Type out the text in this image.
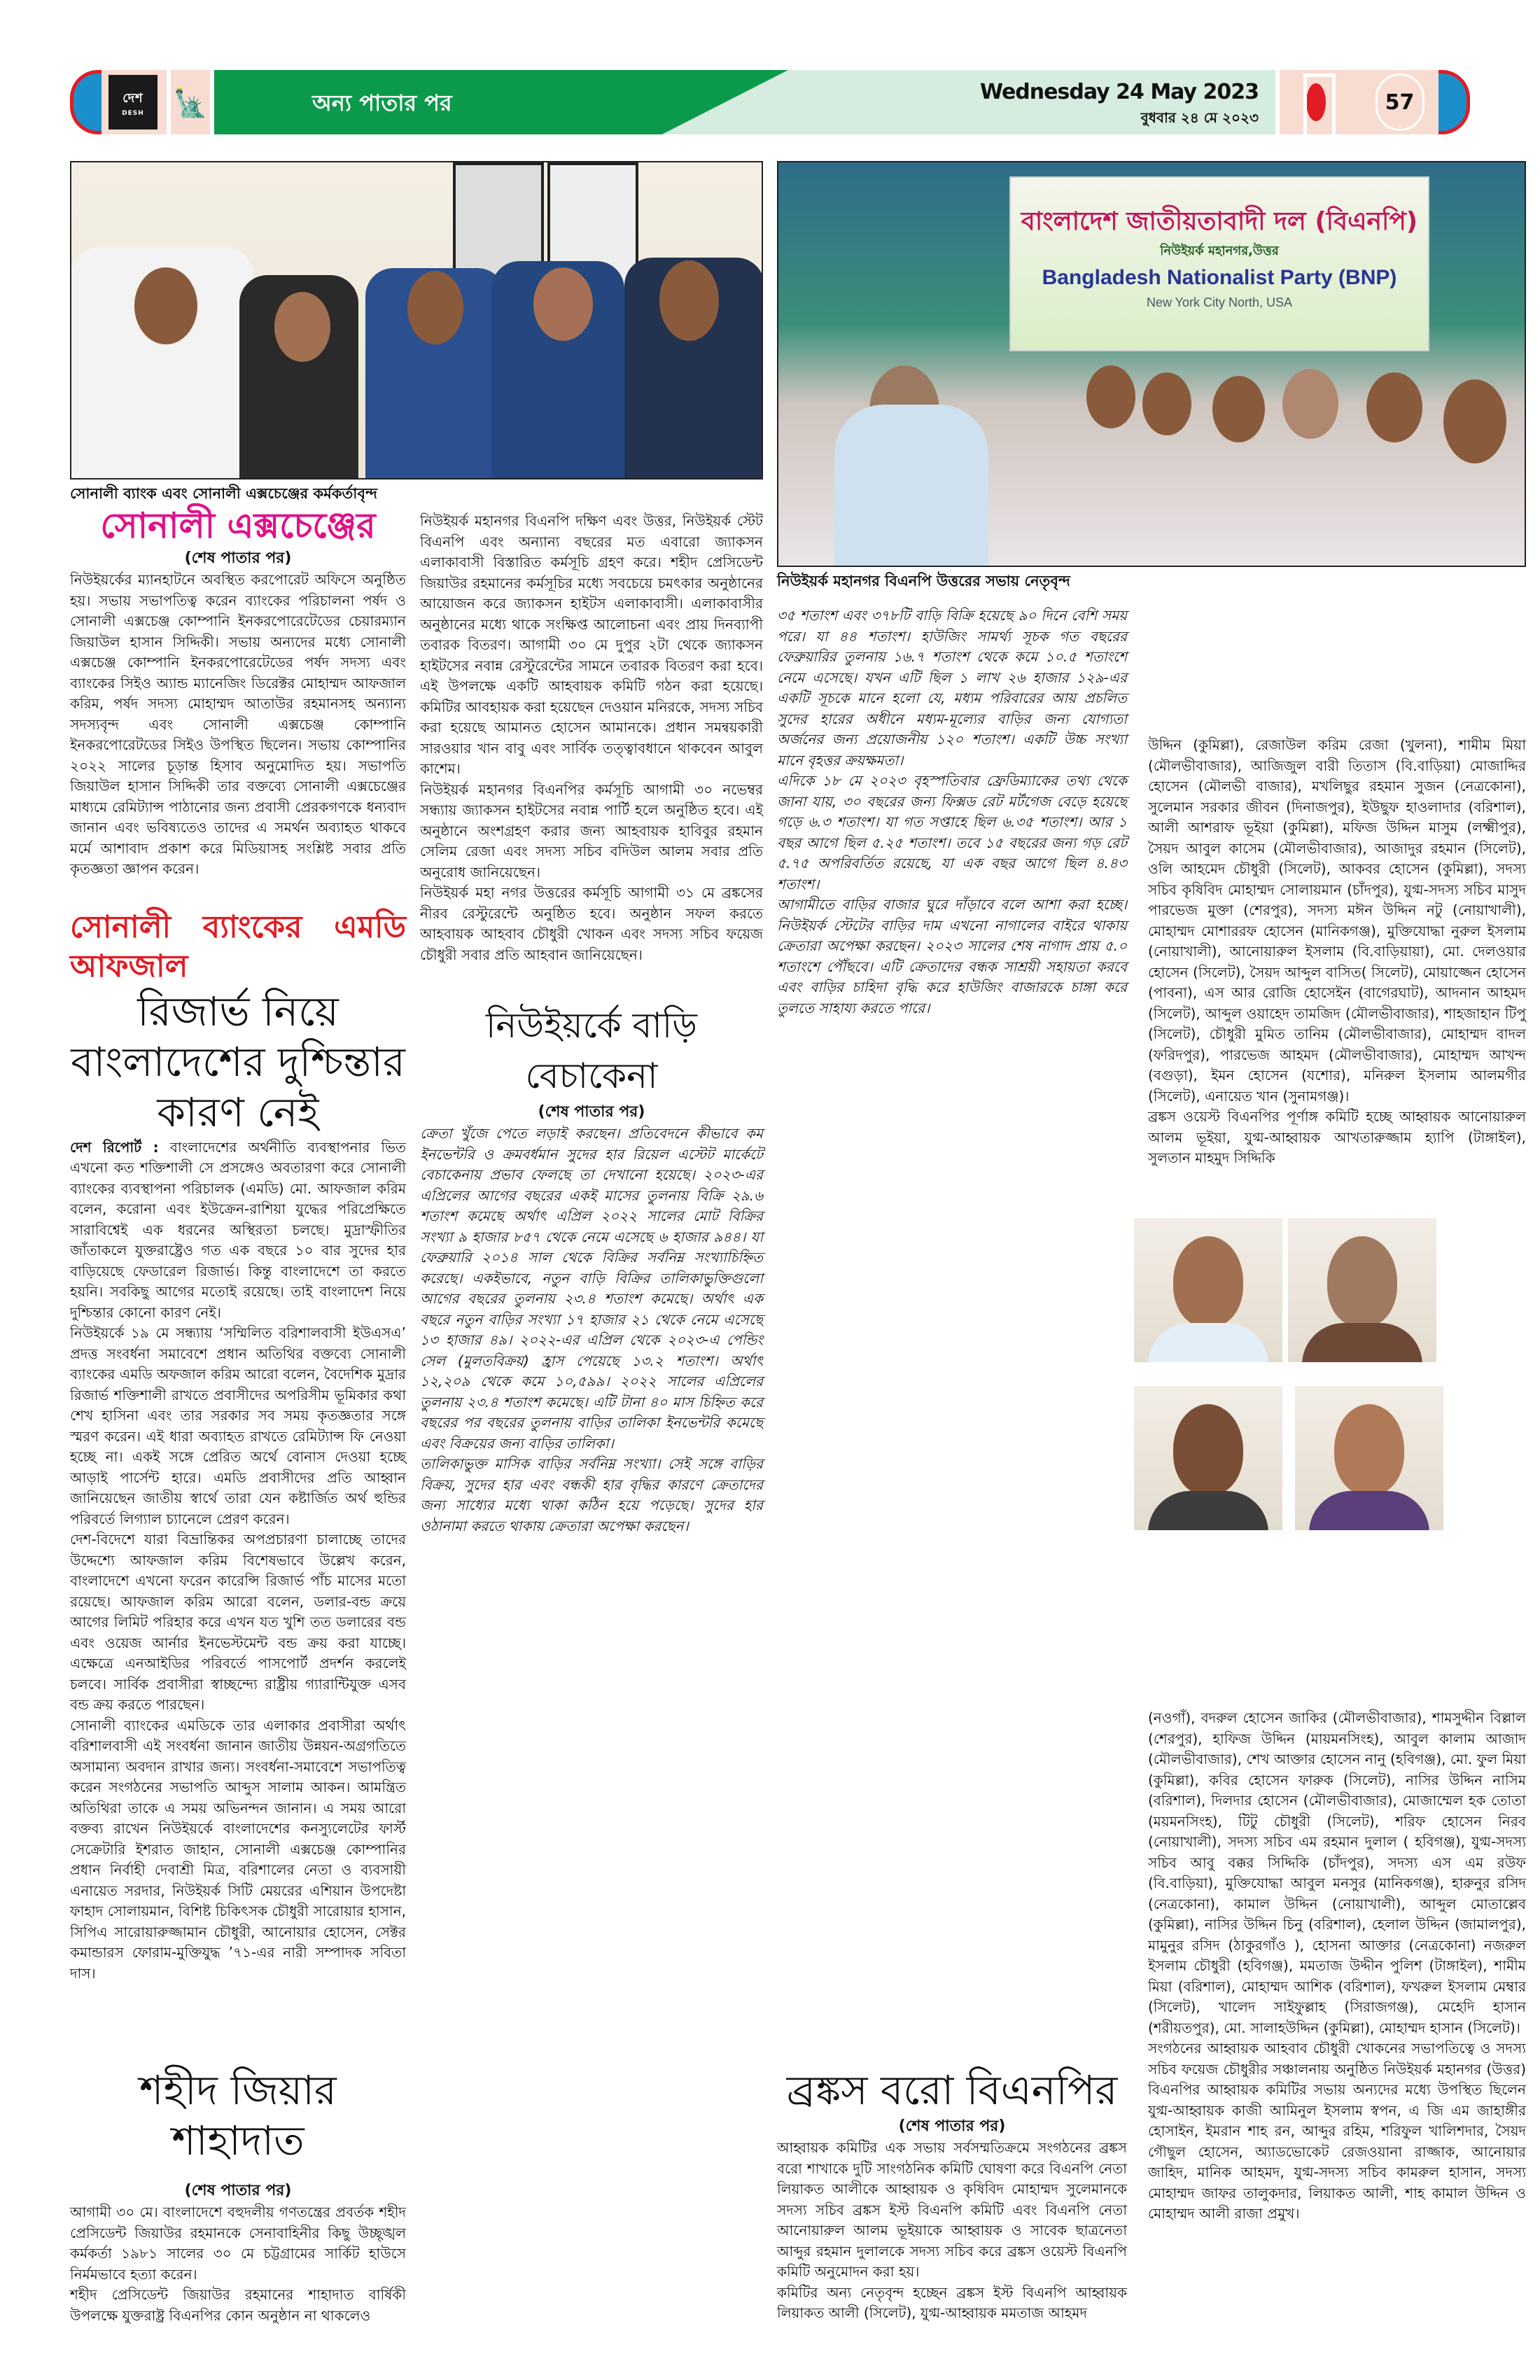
দেশ
DESH 🗽	অন্য পাতার পর	Wednesday 24 May 2023
বুধবার ২৪ মে ২০২৩
57
সোনালী ব্যাংক এবং সোনালী এক্সচেঞ্জের কর্মকর্তাবৃন্দ
সোনালী এক্সচেঞ্জের
(শেষ পাতার পর)

নিউইয়র্কের ম্যানহাটনে অবস্থিত করপোরেট অফিসে অনুষ্ঠিত হয়। সভায় সভাপতিত্ব করেন ব্যাংকের পরিচালনা পর্ষদ ও সোনালী এক্সচেঞ্জ কোম্পানি ইনকরপোরেটেডের চেয়ারম্যান জিয়াউল হাসান সিদ্দিকী। সভায় অন্যদের মধ্যে সোনালী এক্সচেঞ্জ কোম্পানি ইনকরপোরেটেডের পর্ষদ সদস্য এবং ব্যাংকের সিইও অ্যান্ড ম্যানেজিং ডিরেক্টর মোহাম্মদ আফজাল করিম, পর্ষদ সদস্য মোহাম্মদ আতাউর রহমানসহ অন্যান্য সদস্যবৃন্দ এবং সোনালী এক্সচেঞ্জ কোম্পানি ইনকরপোরেটডের সিইও উপস্থিত ছিলেন। সভায় কোম্পানির ২০২২ সালের চূড়ান্ত হিসাব অনুমোদিত হয়। সভাপতি জিয়াউল হাসান সিদ্দিকী তার বক্তব্যে সোনালী এক্সচেঞ্জের মাধ্যমে রেমিট্যান্স পাঠানোর জন্য প্রবাসী প্রেরকগণকে ধন্যবাদ জানান এবং ভবিষ্যতেও তাদের এ সমর্থন অব্যাহত থাকবে মর্মে আশাবাদ প্রকাশ করে মিডিয়াসহ সংশ্লিষ্ট সবার প্রতি কৃতজ্ঞতা জ্ঞাপন করেন।

সোনালী ব্যাংকের এমডি আফজাল
রিজার্ভ নিয়ে বাংলাদেশের দুশ্চিন্তার কারণ নেই

দেশ রিপোর্ট : বাংলাদেশের অর্থনীতি ব্যবস্থাপনার ভিত এখনো কত শক্তিশালী সে প্রসঙ্গেও অবতারণা করে সোনালী ব্যাংকের ব্যবস্থাপনা পরিচালক (এমডি) মো. আফজাল করিম বলেন, করোনা এবং ইউক্রেন-রাশিয়া যুদ্ধের পরিপ্রেক্ষিতে সারাবিশ্বেই এক ধরনের অস্থিরতা চলছে। মুদ্রাস্ফীতির জাঁতাকলে যুক্তরাষ্ট্রেও গত এক বছরে ১০ বার সুদের হার বাড়িয়েছে ফেডারেল রিজার্ভ। কিন্তু বাংলাদেশে তা করতে হয়নি। সবকিছু আগের মতোই রয়েছে। তাই বাংলাদেশ নিয়ে দুশ্চিন্তার কোনো কারণ নেই।

নিউইয়র্কে ১৯ মে সন্ধ্যায় ‘সম্মিলিত বরিশালবাসী ইউএসএ’ প্রদত্ত সংবর্ধনা সমাবেশে প্রধান অতিথির বক্তব্যে সোনালী ব্যাংকের এমডি অফজাল করিম আরো বলেন, বৈদেশিক মুদ্রার রিজার্ভ শক্তিশালী রাখতে প্রবাসীদের অপরিসীম ভূমিকার কথা শেখ হাসিনা এবং তার সরকার সব সময় কৃতজ্ঞতার সঙ্গে স্মরণ করেন। এই ধারা অব্যাহত রাখতে রেমিট্যান্স ফি নেওয়া হচ্ছে না। একই সঙ্গে প্রেরিত অর্থে বোনাস দেওয়া হচ্ছে আড়াই পার্সেন্ট হারে। এমডি প্রবাসীদের প্রতি আহ্বান জানিয়েছেন জাতীয় স্বার্থে তারা যেন কষ্টার্জিত অর্থ হুন্ডির পরিবর্তে লিগ্যাল চ্যানেলে প্রেরণ করেন।

দেশ-বিদেশে যারা বিভ্রান্তিকর অপপ্রচারণা চালাচ্ছে তাদের উদ্দেশ্যে আফজাল করিম বিশেষভাবে উল্লেখ করেন, বাংলাদেশে এখনো ফরেন কারেন্সি রিজার্ভ পাঁচ মাসের মতো রয়েছে। আফজাল করিম আরো বলেন, ডলার-বন্ড ক্রয়ে আগের লিমিট পরিহার করে এখন যত খুশি তত ডলারের বন্ড এবং ওয়েজ আর্নার ইনভেস্টমেন্ট বন্ড ক্রয় করা যাচ্ছে। এক্ষেত্রে এনআইডির পরিবর্তে পাসপোর্ট প্রদর্শন করলেই চলবে। সার্বিক প্রবাসীরা স্বাচ্ছন্দ্যে রাষ্ট্রীয় গ্যারান্টিযুক্ত এসব বন্ড ক্রয় করতে পারছেন।

সোনালী ব্যাংকের এমডিকে তার এলাকার প্রবাসীরা অর্থাৎ বরিশালবাসী এই সংবর্ধনা জানান জাতীয় উন্নয়ন-অগ্রগতিতে অসামান্য অবদান রাখার জন্য। সংবর্ধনা-সমাবেশে সভাপতিত্ব করেন সংগঠনের সভাপতি আব্দুস সালাম আকন। আমন্ত্রিত অতিথিরা তাকে এ সময় অভিনন্দন জানান। এ সময় আরো বক্তব্য রাখেন নিউইয়র্কে বাংলাদেশের কনস্যুলেটের ফার্স্ট সেক্রেটারি ইশরাত জাহান, সোনালী এক্সচেঞ্জ কোম্পানির প্রধান নির্বাহী দেবাশ্রী মিত্র, বরিশালের নেতা ও ব্যবসায়ী এনায়েত সরদার, নিউইয়র্ক সিটি মেয়রের এশিয়ান উপদেষ্টা ফাহাদ সোলায়মান, বিশিষ্ট চিকিৎসক চৌধুরী সারোয়ার হাসান, সিপিএ সারোয়ারুজ্জামান চৌধুরী, আনোয়ার হোসেন, সেক্টর কমান্ডারস ফোরাম-মুক্তিযুদ্ধ ’৭১-এর নারী সম্পাদক সবিতা দাস।

শহীদ জিয়ার শাহাদাত
(শেষ পাতার পর)

আগামী ৩০ মে। বাংলাদেশে বহুদলীয় গণতন্ত্রের প্রবর্তক শহীদ প্রেসিডেন্ট জিয়াউর রহমানকে সেনাবাহিনীর কিছু উচ্ছৃঙ্খল কর্মকর্তা ১৯৮১ সালের ৩০ মে চট্টগ্রামের সার্কিট হাউসে নির্মমভাবে হত্যা করেন।

শহীদ প্রেসিডেন্ট জিয়াউর রহমানের শাহাদাত বার্ষিকী উপলক্ষে যুক্তরাষ্ট্র বিএনপির কোন অনুষ্ঠান না থাকলেও

নিউইয়র্ক মহানগর বিএনপি দক্ষিণ এবং উত্তর, নিউইয়র্ক স্টেট বিএনপি এবং অন্যান্য বছরের মত এবারো জ্যাকসন এলাকাবাসী বিস্তারিত কর্মসূচি গ্রহণ করে। শহীদ প্রেসিডেন্ট জিয়াউর রহমানের কর্মসূচির মধ্যে সবচেয়ে চমৎকার অনুষ্ঠানের আয়োজন করে জ্যাকসন হাইটস এলাকাবাসী। এলাকাবাসীর অনুষ্ঠানের মধ্যে থাকে সংক্ষিপ্ত আলোচনা এবং প্রায় দিনব্যাপী তবারক বিতরণ। আগামী ৩০ মে দুপুর ২টা থেকে জ্যাকসন হাইটসের নবান্ন রেস্টুরেন্টের সামনে তবারক বিতরণ করা হবে। এই উপলক্ষে একটি আহবায়ক কমিটি গঠন করা হয়েছে। কমিটির আবহায়ক করা হয়েছেন দেওয়ান মনিরকে, সদস্য সচিব করা হয়েছে আমানত হোসেন আমানকে। প্রধান সমন্বয়কারী সারওয়ার খান বাবু এবং সার্বিক তত্ত্বাবধানে থাকবেন আবুল কাশেম।

নিউইয়র্ক মহানগর বিএনপির কর্মসূচি আগামী ৩০ নভেম্বর সন্ধ্যায় জ্যাকসন হাইটসের নবান্ন পার্টি হলে অনুষ্ঠিত হবে। এই অনুষ্ঠানে অংশগ্রহণ করার জন্য আহবায়ক হাবিবুর রহমান সেলিম রেজা এবং সদস্য সচিব বদিউল আলম সবার প্রতি অনুরোধ জানিয়েছেন।

নিউইয়র্ক মহা নগর উত্তরের কর্মসূচি আগামী ৩১ মে ব্রঙ্কসের নীরব রেস্টুরেন্টে অনুষ্ঠিত হবে। অনুষ্ঠান সফল করতে আহবায়ক আহবাব চৌধুরী খোকন এবং সদস্য সচিব ফয়েজ চৌধুরী সবার প্রতি আহবান জানিয়েছেন।

নিউইয়র্কে বাড়ি বেচাকেনা
(শেষ পাতার পর)

ক্রেতা খুঁজে পেতে লড়াই করছেন। প্রতিবেদনে কীভাবে কম ইনভেন্টরি ও ক্রমবর্ধমান সুদের হার রিয়েল এস্টেট মার্কেটে বেচাকেনায় প্রভাব ফেলছে তা দেখানো হয়েছে। ২০২৩-এর এপ্রিলের আগের বছরের একই মাসের তুলনায় বিক্রি ২৯.৬ শতাংশ কমেছে অর্থাৎ এপ্রিল ২০২২ সালের মোট বিক্রির সংখ্যা ৯ হাজার ৮৫৭ থেকে নেমে এসেছে ৬ হাজার ৯৪৪। যা ফেব্রুয়ারি ২০১৪ সাল থেকে বিক্রির সর্বনিম্ন সংখ্যাচিহ্নিত করেছে। একইভাবে, নতুন বাড়ি বিক্রির তালিকাভুক্তিগুলো আগের বছরের তুলনায় ২৩.৪ শতাংশ কমেছে। অর্থাৎ এক বছরে নতুন বাড়ির সংখ্যা ১৭ হাজার ২১ থেকে নেমে এসেছে ১৩ হাজার ৪৯। ২০২২-এর এপ্রিল থেকে ২০২৩-এ পেন্ডিং সেল (মুলতবিক্রয়) হ্রাস পেয়েছে ১৩.২ শতাংশ। অর্থাৎ ১২,২০৯ থেকে কমে ১০,৫৯৯। ২০২২ সালের এপ্রিলের তুলনায় ২৩.৪ শতাংশ কমেছে। এটি টানা ৪০ মাস চিহ্নিত করে বছরের পর বছরের তুলনায় বাড়ির তালিকা ইনভেন্টরি কমেছে এবং বিক্রয়ের জন্য বাড়ির তালিকা।

তালিকাভুক্ত মাসিক বাড়ির সর্বনিম্ন সংখ্যা। সেই সঙ্গে বাড়ির বিক্রয়, সুদের হার এবং বন্ধকী হার বৃদ্ধির কারণে ক্রেতাদের জন্য সাধ্যের মধ্যে থাকা কঠিন হয়ে পড়েছে। সুদের হার ওঠানামা করতে থাকায় ক্রেতারা অপেক্ষা করছেন।

বাংলাদেশ জাতীয়তাবাদী দল (বিএনপি)
নিউইয়র্ক মহানগর,উত্তর
Bangladesh Nationalist Party (BNP)
New York City North, USA
নিউইয়র্ক মহানগর বিএনপি উত্তরের সভায় নেতৃবৃন্দ

৩৫ শতাংশ এবং ৩৭৮টি বাড়ি বিক্রি হয়েছে ৯০ দিনে বেশি সময় পরে। যা ৪৪ শতাংশ। হাউজিং সামর্থ্য সূচক গত বছরের ফেব্রুয়ারির তুলনায় ১৬.৭ শতাংশ থেকে কমে ১০.৫ শতাংশে নেমে এসেছে। যখন এটি ছিল ১ লাখ ২৬ হাজার ১২৯-এর একটি সূচকে মানে হলো যে, মধ্যম পরিবারের আয় প্রচলিত সুদের হারের অধীনে মধ্যম-মূল্যের বাড়ির জন্য যোগ্যতা অর্জনের জন্য প্রয়োজনীয় ১২০ শতাংশ। একটি উচ্চ সংখ্যা মানে বৃহত্তর ক্রয়ক্ষমতা।

এদিকে ১৮ মে ২০২৩ বৃহস্পতিবার ফ্রেডিম্যাকের তথ্য থেকে জানা যায়, ৩০ বছরের জন্য ফিক্সড রেট মর্টগেজ বেড়ে হয়েছে গড়ে ৬.৩ শতাংশ। যা গত সপ্তাহে ছিল ৬.৩৫ শতাংশ। আর ১ বছর আগে ছিল ৫.২৫ শতাংশ। তবে ১৫ বছরের জন্য গড় রেট ৫.৭৫ অপরিবর্তিত রয়েছে, যা এক বছর আগে ছিল ৪.৪৩ শতাংশ।

আগামীতে বাড়ির বাজার ঘুরে দাঁড়াবে বলে আশা করা হচ্ছে। নিউইয়র্ক স্টেটের বাড়ির দাম এখনো নাগালের বাইরে থাকায় ক্রেতারা অপেক্ষা করছেন। ২০২৩ সালের শেষ নাগাদ প্রায় ৫.০ শতাংশে পৌঁছবে। এটি ক্রেতাদের বন্ধক সাশ্রয়ী সহায়তা করবে এবং বাড়ির চাহিদা বৃদ্ধি করে হাউজিং বাজারকে চাঙ্গা করে তুলতে সাহায্য করতে পারে।

ব্রঙ্কস বরো বিএনপির
(শেষ পাতার পর)

আহ্বায়ক কমিটির এক সভায় সর্বসম্মতিক্রমে সংগঠনের ব্রঙ্কস বরো শাখাকে দুটি সাংগঠনিক কমিটি ঘোষণা করে বিএনপি নেতা লিয়াকত আলীকে আহ্বায়ক ও কৃষিবিদ মোহাম্মদ সুলেমানকে সদস্য সচিব ব্রঙ্কস ইস্ট বিএনপি কমিটি এবং বিএনপি নেতা আনোয়ারুল আলম ভূইয়াকে আহ্বায়ক ও সাবেক ছাত্রনেতা আব্দুর রহমান দুলালকে সদস্য সচিব করে ব্রঙ্কস ওয়েস্ট বিএনপি কমিটি অনুমোদন করা হয়।

কমিটির অন্য নেতৃবৃন্দ হচ্ছেন ব্রঙ্কস ইস্ট বিএনপি আহ্বায়ক লিয়াকত আলী (সিলেট), যুগ্ম-আহ্বায়ক মমতাজ আহমদ

উদ্দিন (কুমিল্লা), রেজাউল করিম রেজা (খুলনা), শামীম মিয়া (মৌলভীবাজার), আজিজুল বারী তিতাস (বি.বাড়িয়া) মোজাদ্দির হোসেন (মৌলভী বাজার), মখলিছুর রহমান সুজন (নেত্রকোনা), সুলেমান সরকার জীবন (দিনাজপুর), ইউছুফ হাওলাদার (বরিশাল), আলী আশরাফ ভূইয়া (কুমিল্লা), মফিজ উদ্দিন মাসুম (লক্ষ্মীপুর), সৈয়দ আবুল কাসেম (মৌলভীবাজার), আজাদুর রহমান (সিলেট), ওলি আহমেদ চৌধুরী (সিলেট), আকবর হোসেন (কুমিল্লা), সদস্য সচিব কৃষিবিদ মোহাম্মদ সোলায়মান (চাঁদপুর), যুগ্ম-সদস্য সচিব মাসুদ পারভেজ মুক্তা (শেরপুর), সদস্য মঈন উদ্দিন নটু (নোয়াখালী), মোহাম্মদ মোশাররফ হোসেন (মানিকগঞ্জ), মুক্তিযোদ্ধা নুরুল ইসলাম (নোয়াখালী), আনোয়ারুল ইসলাম (বি.বাড়িয়ায়া), মো. দেলওয়ার হোসেন (সিলেট), সৈয়দ আব্দুল বাসিত( সিলেট), মোয়াজ্জেন হোসেন (পাবনা), এস আর রোজি হোসেইন (বাগেরঘাট), আদনান আহমদ (সিলেট), আব্দুল ওয়াহেদ তামজিদ (মৌলভীবাজার), শাহজাহান টিপু (সিলেট), চৌধুরী মুমিত তানিম (মৌলভীবাজার), মোহাম্মদ বাদল (ফরিদপুর), পারভেজ আহমদ (মৌলভীবাজার), মোহাম্মদ আখন্দ (বগুড়া), ইমন হোসেন (যশোর), মনিরুল ইসলাম আলমগীর (সিলেট), এনায়েত খান (সুনামগঞ্জ)।

ব্রঙ্কস ওয়েস্ট বিএনপির পূর্ণাঙ্গ কমিটি হচ্ছে আহ্বায়ক আনোয়ারুল আলম ভূইয়া, যুগ্ম-আহ্বায়ক আখতারুজ্জাম হ্যাপি (টাঙ্গাইল), সুলতান মাহমুদ সিদ্দিকি

(নওগাঁ), বদরুল হোসেন জাকির (মৌলভীবাজার), শামসুদ্দীন বিল্লাল (শেরপুর), হাফিজ উদ্দিন (মায়মনসিংহ), আবুল কালাম আজাদ (মৌলভীবাজার), শেখ আক্তার হোসেন নানু (হবিগঞ্জ), মো. ফুল মিয়া (কুমিল্লা), কবির হোসেন ফারুক (সিলেট), নাসির উদ্দিন নাসিম (বরিশাল), দিলদার হোসেন (মৌলভীবাজার), মোজাম্মেল হক তোতা (ময়মনসিংহ), টিটু চৌধুরী (সিলেট), শরিফ হোসেন নিরব (নোয়াখালী), সদস্য সচিব এম রহমান দুলাল ( হবিগঞ্জ), যুগ্ম-সদস্য সচিব আবু বক্কর সিদ্দিকি (চাঁদপুর), সদস্য এস এম রউফ (বি.বাড়িয়া), মুক্তিযোদ্ধা আবুল মনসুর (মানিকগঞ্জ), হারুনুর রসিদ (নেত্রকোনা), কামাল উদ্দিন (নোয়াখালী), আব্দুল মোতাল্লেব (কুমিল্লা), নাসির উদ্দিন চিনু (বরিশাল), হেলাল উদ্দিন (জামালপুর), মামুনুর রসিদ (ঠাকুরগাঁও ), হোসনা আক্তার (নেত্রকোনা) নজরুল ইসলাম চৌধুরী (হবিগঞ্জ), মমতাজ উদ্দীন পুলিশ (টাঙ্গাইল), শামীম মিয়া (বরিশাল), মোহাম্মদ আশিক (বরিশাল), ফখরুল ইসলাম মেম্বার (সিলেট), খালেদ সাইফুল্লাহ (সিরাজগঞ্জ), মেহেদি হাসান (শরীয়তপুর), মো. সালাহউদ্দিন (কুমিল্লা), মোহাম্মদ হাসান (সিলেট)।

সংগঠনের আহ্বায়ক আহবাব চৌধুরী খোকনের সভাপতিত্বে ও সদস্য সচিব ফয়েজ চৌধুরীর সঞ্চালনায় অনুষ্ঠিত নিউইয়র্ক মহানগর (উত্তর) বিএনপির আহ্বায়ক কমিটির সভায় অন্যদের মধ্যে উপস্থিত ছিলেন যুগ্ম-আহ্বায়ক কাজী আমিনুল ইসলাম স্বপন, এ জি এম জাহাঙ্গীর হোসাইন, ইমরান শাহ রন, আব্দুর রহিম, শরিফুল খালিশদার, সৈয়দ গৌছুল হোসেন, অ্যাডভোকেট রেজওয়ানা রাজ্জাক, আনোয়ার জাহিদ, মানিক আহমদ, যুগ্ম-সদস্য সচিব কামরুল হাসান, সদস্য মোহাম্মদ জাফর তালুকদার, লিয়াকত আলী, শাহ কামাল উদ্দিন ও মোহাম্মদ আলী রাজা প্রমুখ।
